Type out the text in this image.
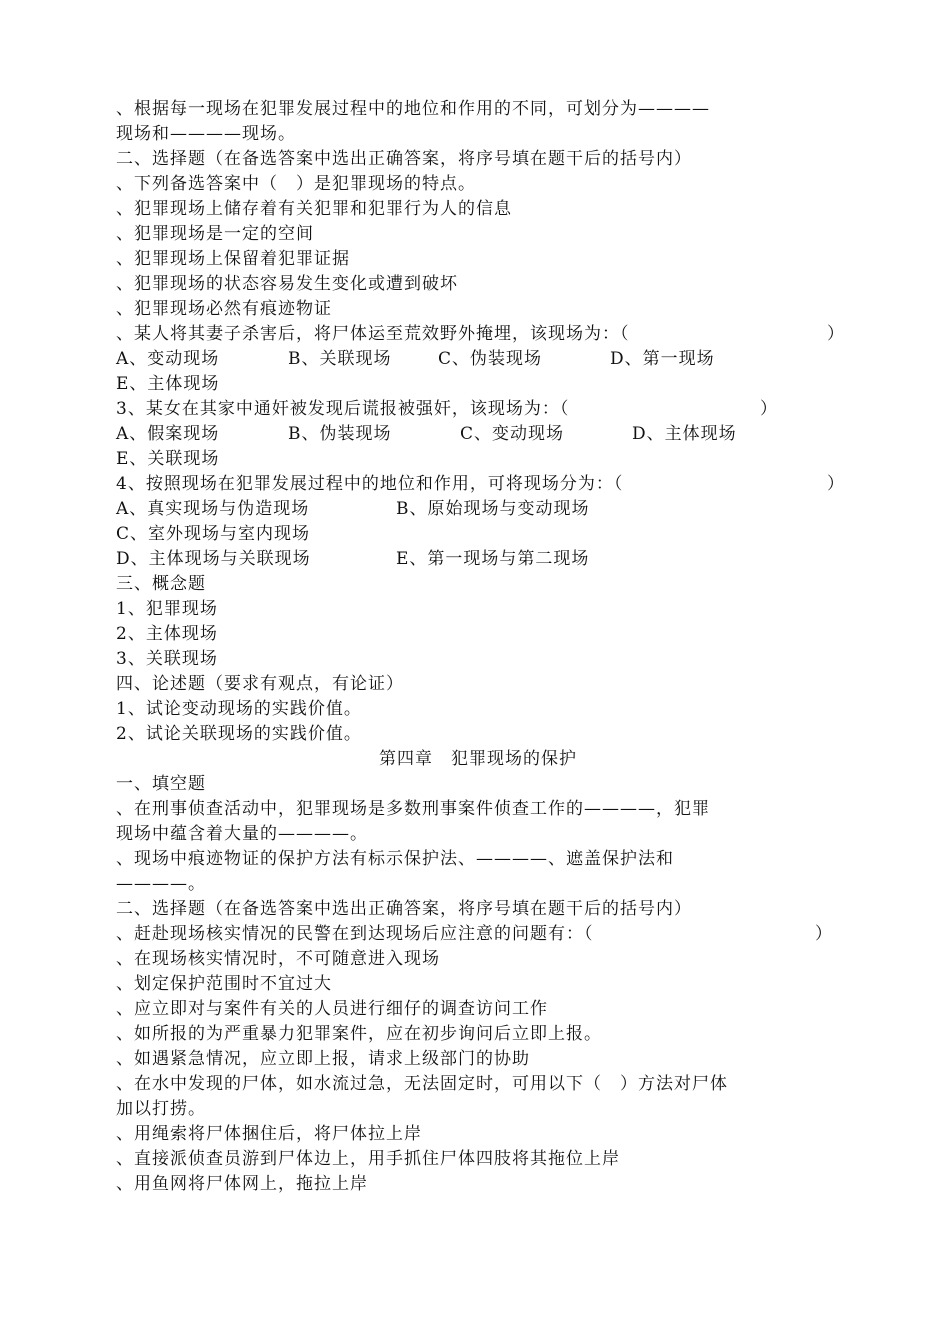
、根据每一现场在犯罪发展过程中的地位和作用的不同，可划分为————
现场和————现场。
二、选择题（在备选答案中选出正确答案，将序号填在题干后的括号内）
、下列备选答案中（　）是犯罪现场的特点。
、犯罪现场上储存着有关犯罪和犯罪行为人的信息
、犯罪现场是一定的空间
、犯罪现场上保留着犯罪证据
、犯罪现场的状态容易发生变化或遭到破坏
、犯罪现场必然有痕迹物证
、某人将其妻子杀害后，将尸体运至荒效野外掩埋，该现场为：（	）
A、变动现场	B、关联现场	C、伪装现场	D、第一现场
E、主体现场
3、某女在其家中通奸被发现后谎报被强奸，该现场为：（	）
A、假案现场	B、伪装现场	C、变动现场	D、主体现场
E、关联现场
4、按照现场在犯罪发展过程中的地位和作用，可将现场分为：（	）
A、真实现场与伪造现场	B、原始现场与变动现场
C、室外现场与室内现场
D、主体现场与关联现场	E、第一现场与第二现场
三、概念题
1、犯罪现场
2、主体现场
3、关联现场
四、论述题（要求有观点，有论证）
1、试论变动现场的实践价值。
2、试论关联现场的实践价值。
第四章　犯罪现场的保护
一、填空题
、在刑事侦查活动中，犯罪现场是多数刑事案件侦查工作的————，犯罪
现场中蕴含着大量的————。
、现场中痕迹物证的保护方法有标示保护法、————、遮盖保护法和
————。
二、选择题（在备选答案中选出正确答案，将序号填在题干后的括号内）
、赶赴现场核实情况的民警在到达现场后应注意的问题有：（	）
、在现场核实情况时，不可随意进入现场
、划定保护范围时不宜过大
、应立即对与案件有关的人员进行细仔的调查访问工作
、如所报的为严重暴力犯罪案件，应在初步询问后立即上报。
、如遇紧急情况，应立即上报，请求上级部门的协助
、在水中发现的尸体，如水流过急，无法固定时，可用以下（　）方法对尸体
加以打捞。
、用绳索将尸体捆住后，将尸体拉上岸
、直接派侦查员游到尸体边上，用手抓住尸体四肢将其拖位上岸
、用鱼网将尸体网上，拖拉上岸
